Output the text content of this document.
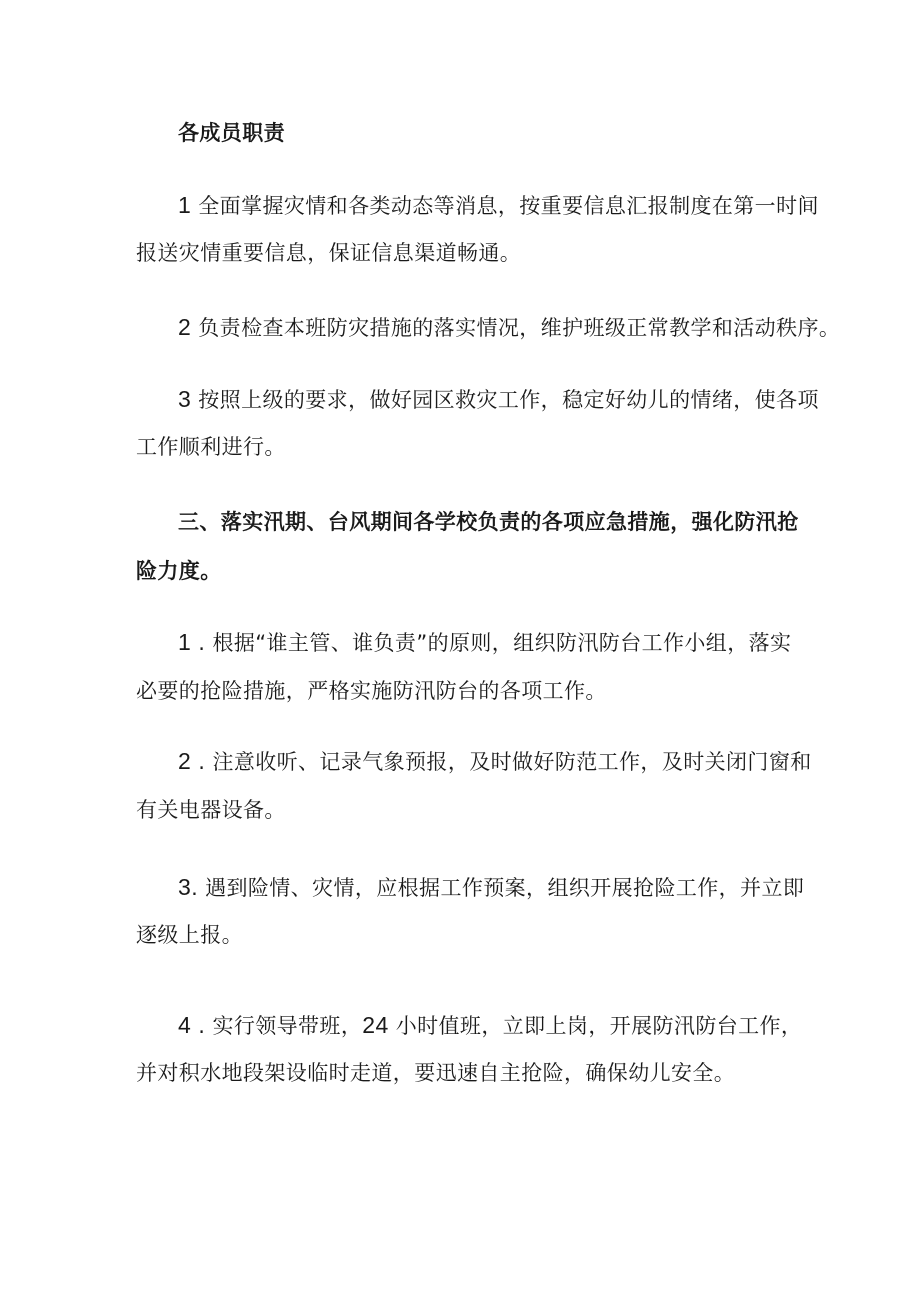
各成员职责
1 全面掌握灾情和各类动态等消息，按重要信息汇报制度在第一时间
报送灾情重要信息，保证信息渠道畅通。
2 负责检查本班防灾措施的落实情况，维护班级正常教学和活动秩序。
3 按照上级的要求，做好园区救灾工作，稳定好幼儿的情绪，使各项
工作顺利进行。
三、落实汛期、台风期间各学校负责的各项应急措施，强化防汛抢
险力度。
1 . 根据“谁主管、谁负责”的原则，组织防汛防台工作小组，落实
必要的抢险措施，严格实施防汛防台的各项工作。
2 . 注意收听、记录气象预报，及时做好防范工作，及时关闭门窗和
有关电器设备。
3. 遇到险情、灾情，应根据工作预案，组织开展抢险工作，并立即
逐级上报。
4 . 实行领导带班，24 小时值班，立即上岗，开展防汛防台工作，
并对积水地段架设临时走道，要迅速自主抢险，确保幼儿安全。
